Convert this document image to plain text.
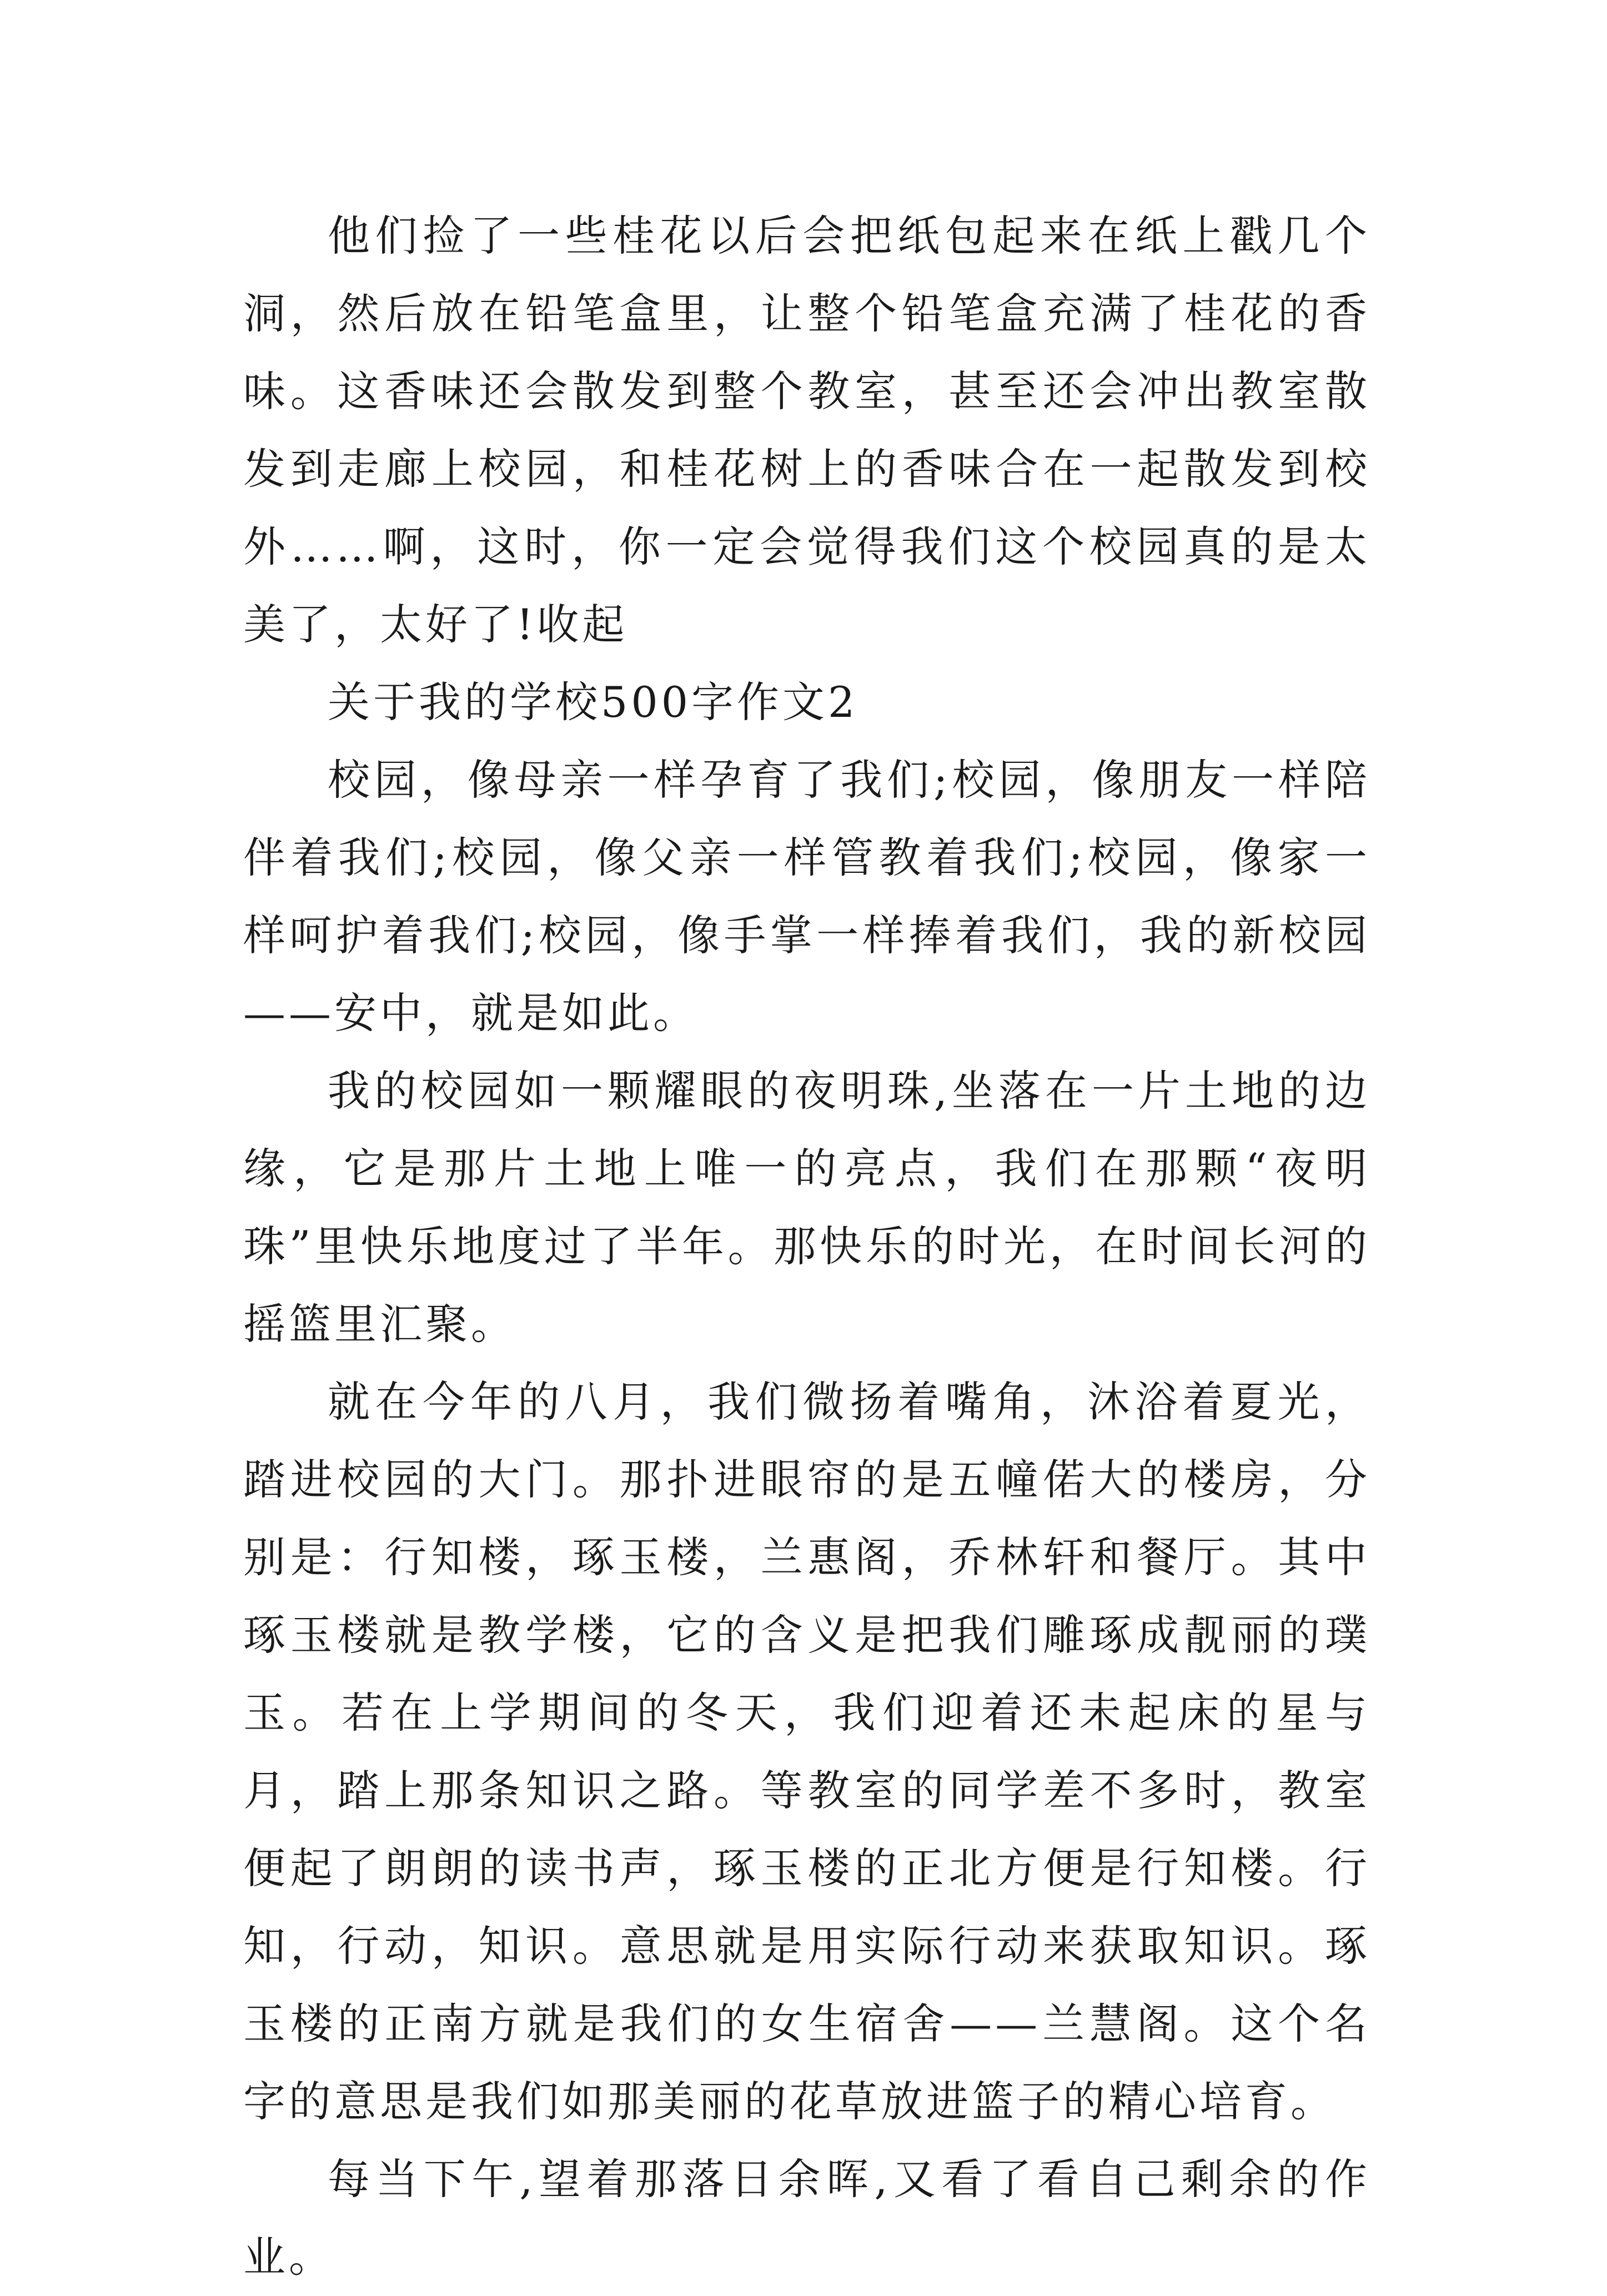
他们捡了一些桂花以后会把纸包起来在纸上戳几个洞，然后放在铅笔盒里，让整个铅笔盒充满了桂花的香味。这香味还会散发到整个教室，甚至还会冲出教室散发到走廊上校园，和桂花树上的香味合在一起散发到校外……啊，这时，你一定会觉得我们这个校园真的是太美了，太好了!收起

关于我的学校500字作文2

校园，像母亲一样孕育了我们;校园，像朋友一样陪伴着我们;校园，像父亲一样管教着我们;校园，像家一样呵护着我们;校园，像手掌一样捧着我们，我的新校园——安中，就是如此。

我的校园如一颗耀眼的夜明珠,坐落在一片土地的边缘，它是那片土地上唯一的亮点，我们在那颗“夜明珠”里快乐地度过了半年。那快乐的时光，在时间长河的摇篮里汇聚。

就在今年的八月，我们微扬着嘴角，沐浴着夏光，踏进校园的大门。那扑进眼帘的是五幢偌大的楼房，分别是：行知楼，琢玉楼，兰惠阁，乔林轩和餐厅。其中琢玉楼就是教学楼，它的含义是把我们雕琢成靓丽的璞玉。若在上学期间的冬天，我们迎着还未起床的星与月，踏上那条知识之路。等教室的同学差不多时，教室便起了朗朗的读书声，琢玉楼的正北方便是行知楼。行知，行动，知识。意思就是用实际行动来获取知识。琢玉楼的正南方就是我们的女生宿舍——兰慧阁。这个名字的意思是我们如那美丽的花草放进篮子的精心培育。

每当下午,望着那落日余晖,又看了看自己剩余的作业。
